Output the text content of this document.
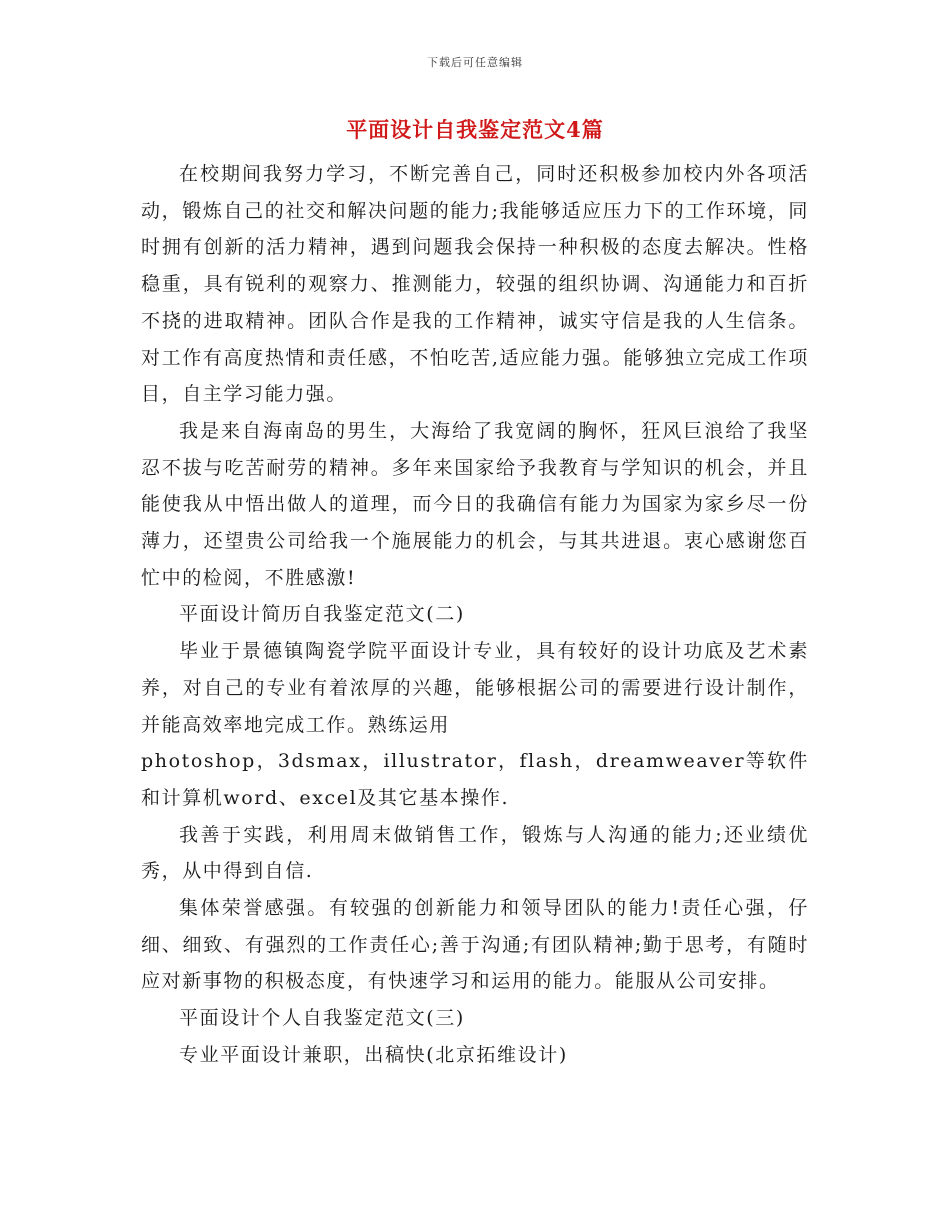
下载后可任意编辑
平面设计自我鉴定范文4篇

在校期间我努力学习，不断完善自己，同时还积极参加校内外各项活动，锻炼自己的社交和解决问题的能力;我能够适应压力下的工作环境，同时拥有创新的活力精神，遇到问题我会保持一种积极的态度去解决。性格稳重，具有锐利的观察力、推测能力，较强的组织协调、沟通能力和百折不挠的进取精神。团队合作是我的工作精神，诚实守信是我的人生信条。对工作有高度热情和责任感，不怕吃苦,适应能力强。能够独立完成工作项目，自主学习能力强。

我是来自海南岛的男生，大海给了我宽阔的胸怀，狂风巨浪给了我坚忍不拔与吃苦耐劳的精神。多年来国家给予我教育与学知识的机会，并且能使我从中悟出做人的道理，而今日的我确信有能力为国家为家乡尽一份薄力，还望贵公司给我一个施展能力的机会，与其共进退。衷心感谢您百忙中的检阅，不胜感激!

平面设计简历自我鉴定范文(二)

毕业于景德镇陶瓷学院平面设计专业，具有较好的设计功底及艺术素养，对自己的专业有着浓厚的兴趣，能够根据公司的需要进行设计制作，并能高效率地完成工作。熟练运用

photoshop，3dsmax，illustrator，flash，dreamweaver等软件和计算机word、excel及其它基本操作.

我善于实践，利用周末做销售工作，锻炼与人沟通的能力;还业绩优秀，从中得到自信.

集体荣誉感强。有较强的创新能力和领导团队的能力!责任心强，仔细、细致、有强烈的工作责任心;善于沟通;有团队精神;勤于思考，有随时应对新事物的积极态度，有快速学习和运用的能力。能服从公司安排。

平面设计个人自我鉴定范文(三)

专业平面设计兼职，出稿快(北京拓维设计)
